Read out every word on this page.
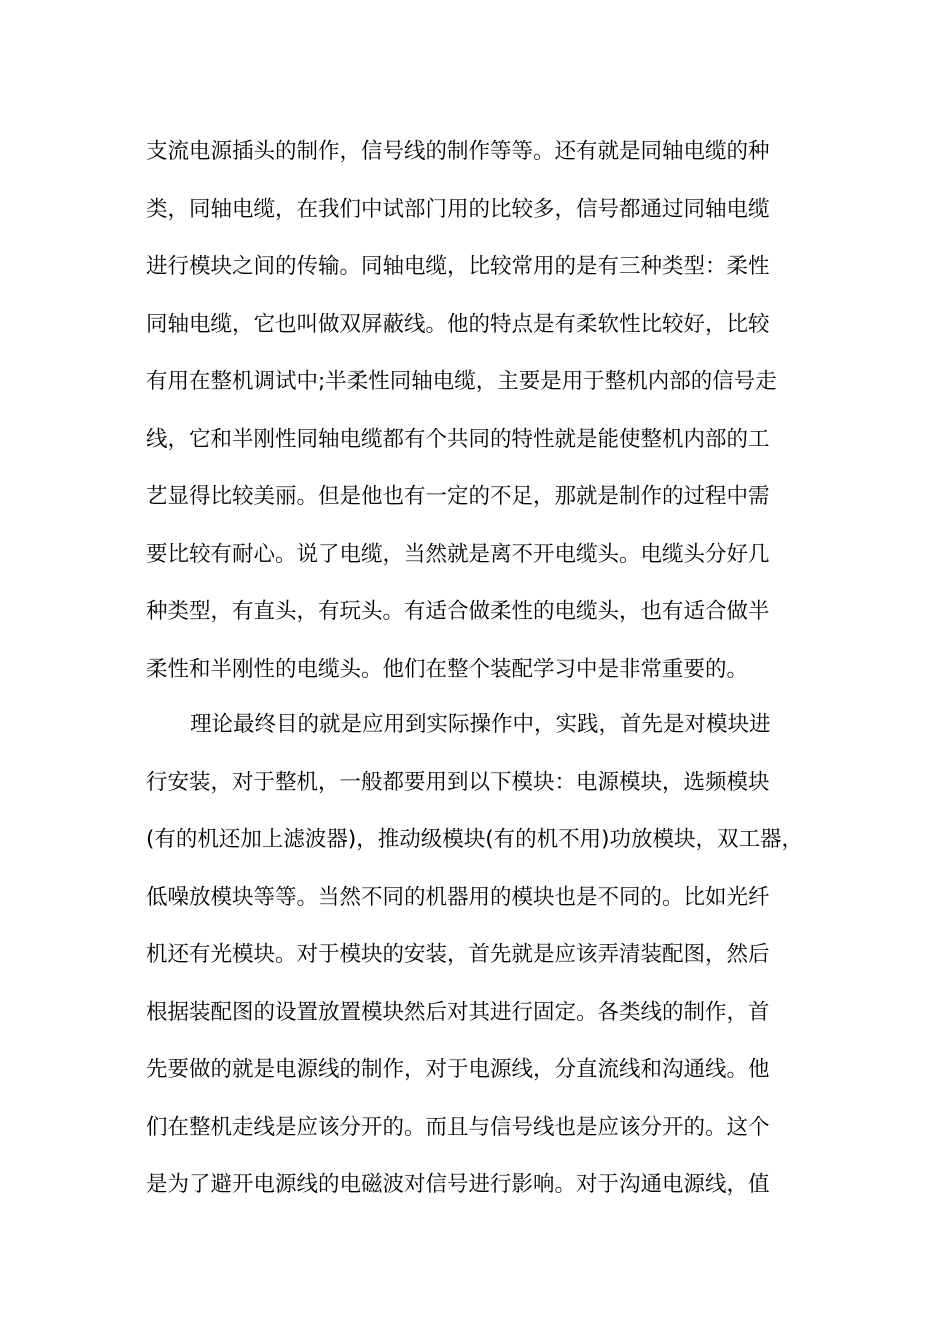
支流电源插头的制作，信号线的制作等等。还有就是同轴电缆的种
类，同轴电缆，在我们中试部门用的比较多，信号都通过同轴电缆
进行模块之间的传输。同轴电缆，比较常用的是有三种类型：柔性
同轴电缆，它也叫做双屏蔽线。他的特点是有柔软性比较好，比较
有用在整机调试中;半柔性同轴电缆，主要是用于整机内部的信号走
线，它和半刚性同轴电缆都有个共同的特性就是能使整机内部的工
艺显得比较美丽。但是他也有一定的不足，那就是制作的过程中需
要比较有耐心。说了电缆，当然就是离不开电缆头。电缆头分好几
种类型，有直头，有玩头。有适合做柔性的电缆头，也有适合做半
柔性和半刚性的电缆头。他们在整个装配学习中是非常重要的。
理论最终目的就是应用到实际操作中，实践，首先是对模块进
行安装，对于整机，一般都要用到以下模块：电源模块，选频模块
(有的机还加上滤波器)，推动级模块(有的机不用)功放模块，双工器，
低噪放模块等等。当然不同的机器用的模块也是不同的。比如光纤
机还有光模块。对于模块的安装，首先就是应该弄清装配图，然后
根据装配图的设置放置模块然后对其进行固定。各类线的制作，首
先要做的就是电源线的制作，对于电源线，分直流线和沟通线。他
们在整机走线是应该分开的。而且与信号线也是应该分开的。这个
是为了避开电源线的电磁波对信号进行影响。对于沟通电源线，值
